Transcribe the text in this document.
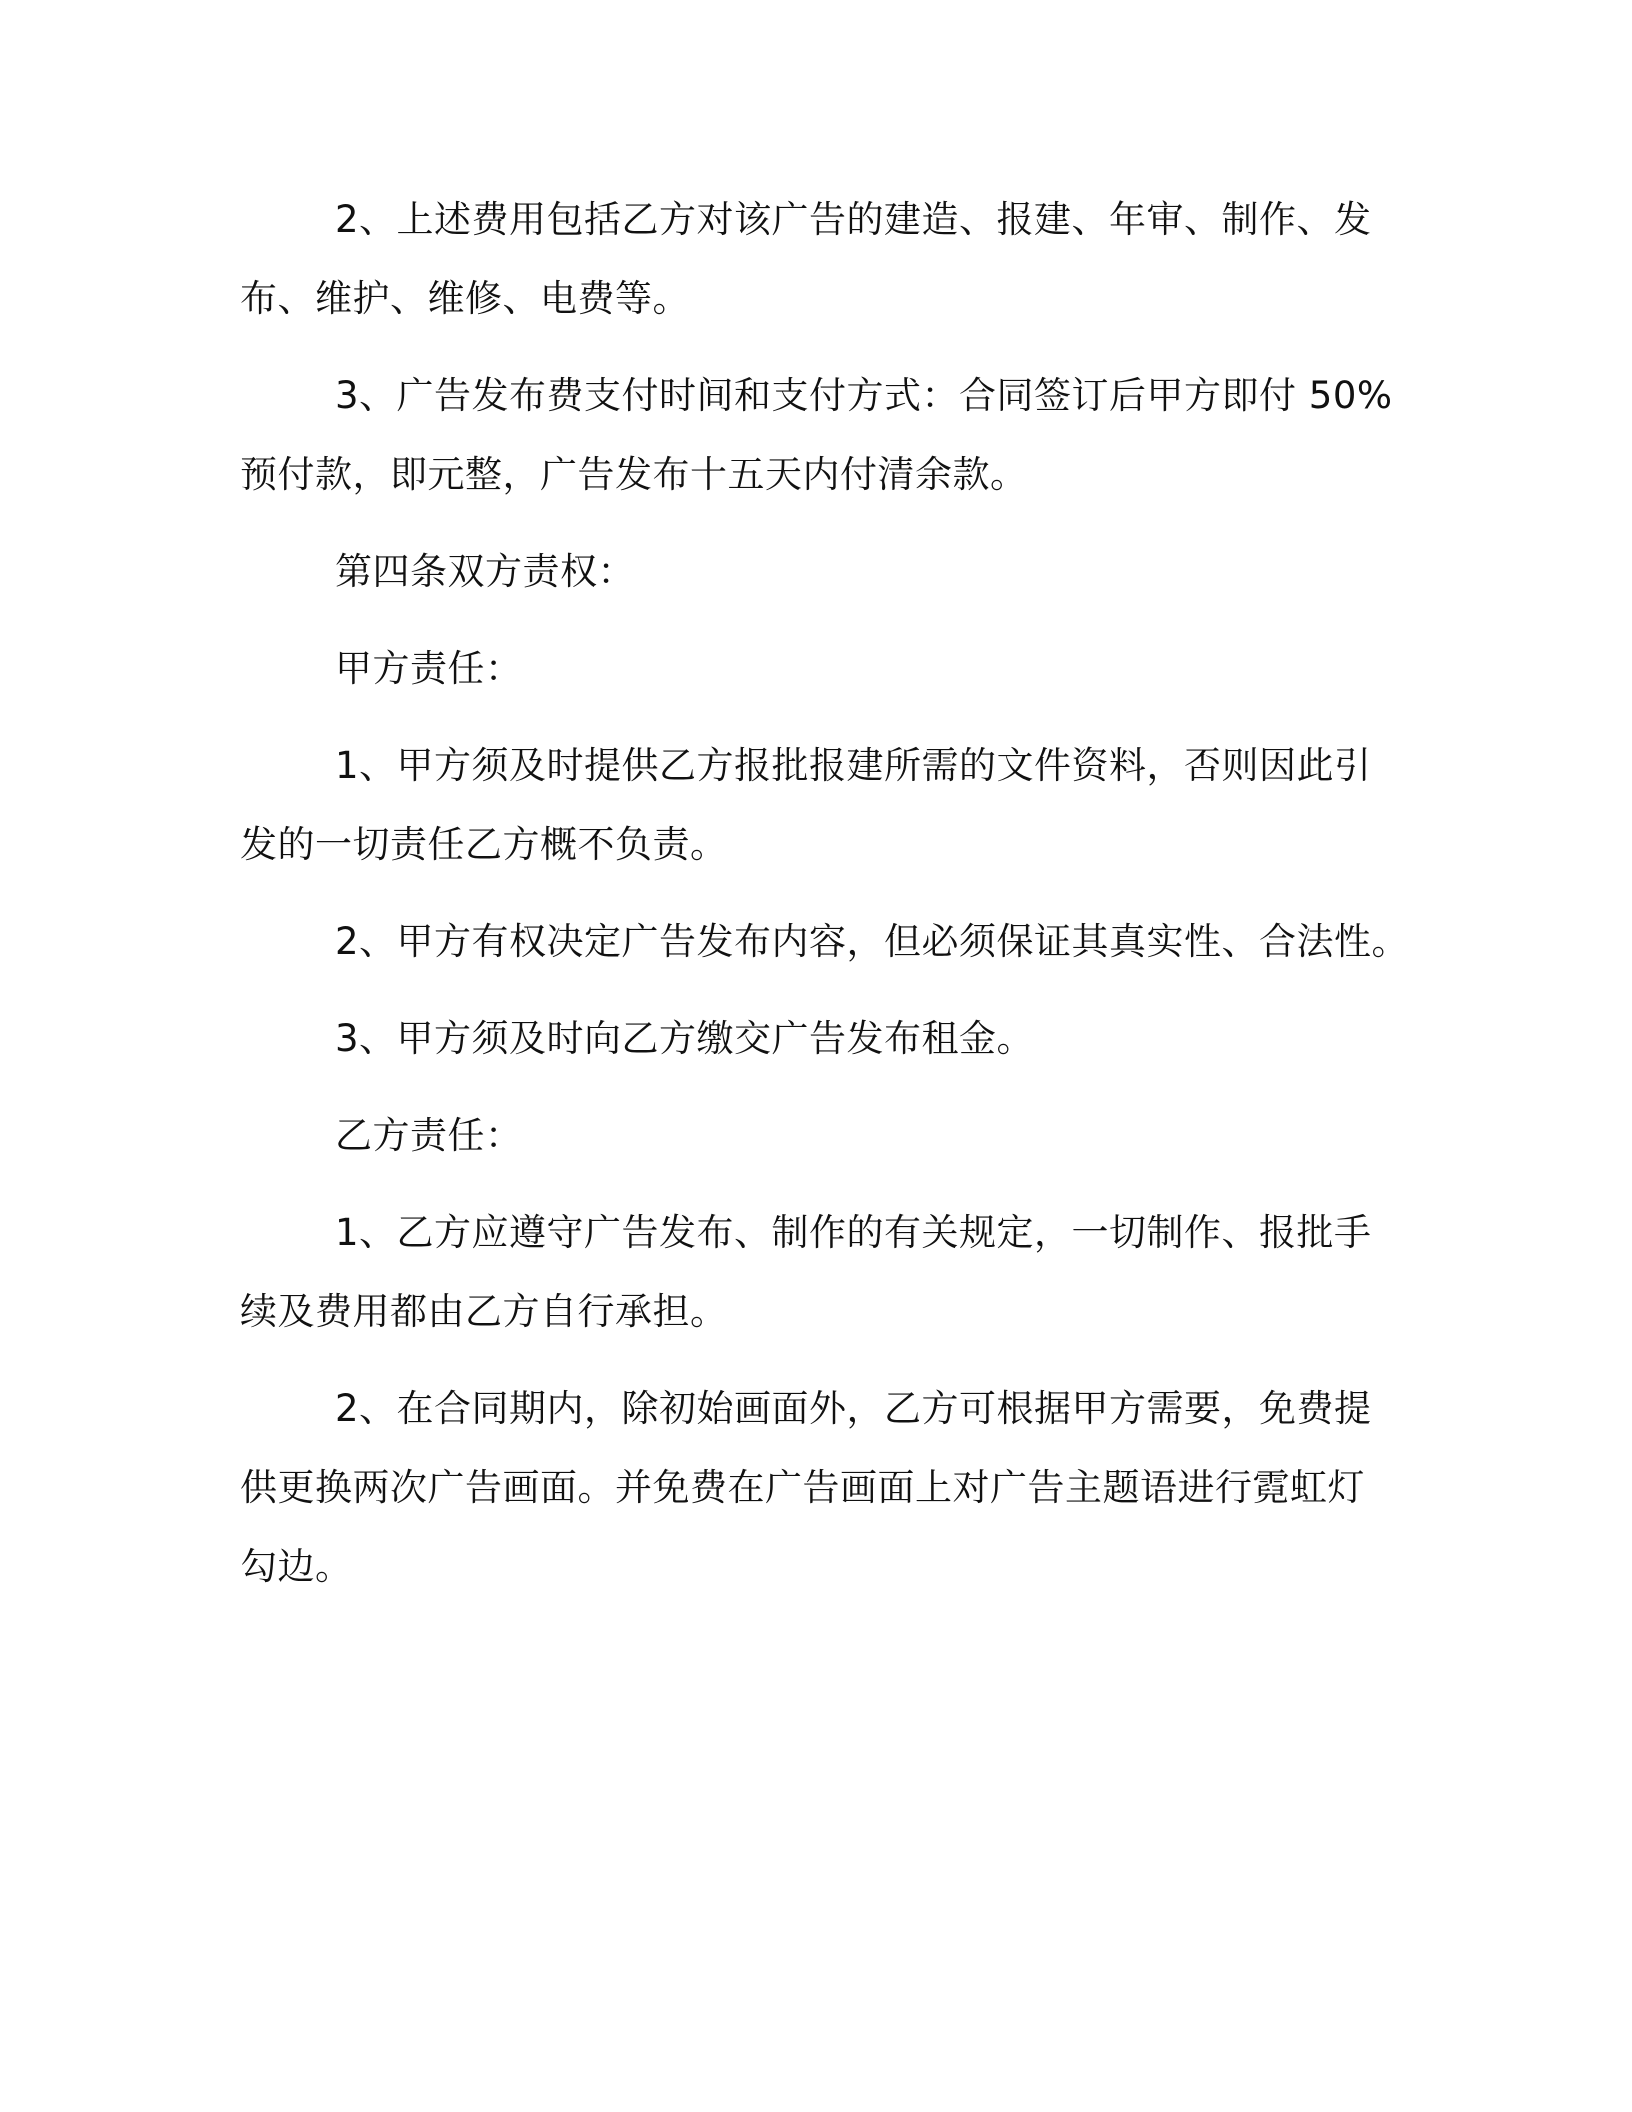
2、上述费用包括乙方对该广告的建造、报建、年审、制作、发
布、维护、维修、电费等。
3、广告发布费支付时间和支付方式：合同签订后甲方即付 50%
预付款，即元整，广告发布十五天内付清余款。
第四条双方责权：
甲方责任：
1、甲方须及时提供乙方报批报建所需的文件资料，否则因此引
发的一切责任乙方概不负责。
2、甲方有权决定广告发布内容，但必须保证其真实性、合法性。
3、甲方须及时向乙方缴交广告发布租金。
乙方责任：
1、乙方应遵守广告发布、制作的有关规定，一切制作、报批手
续及费用都由乙方自行承担。
2、在合同期内，除初始画面外，乙方可根据甲方需要，免费提
供更换两次广告画面。并免费在广告画面上对广告主题语进行霓虹灯
勾边。
